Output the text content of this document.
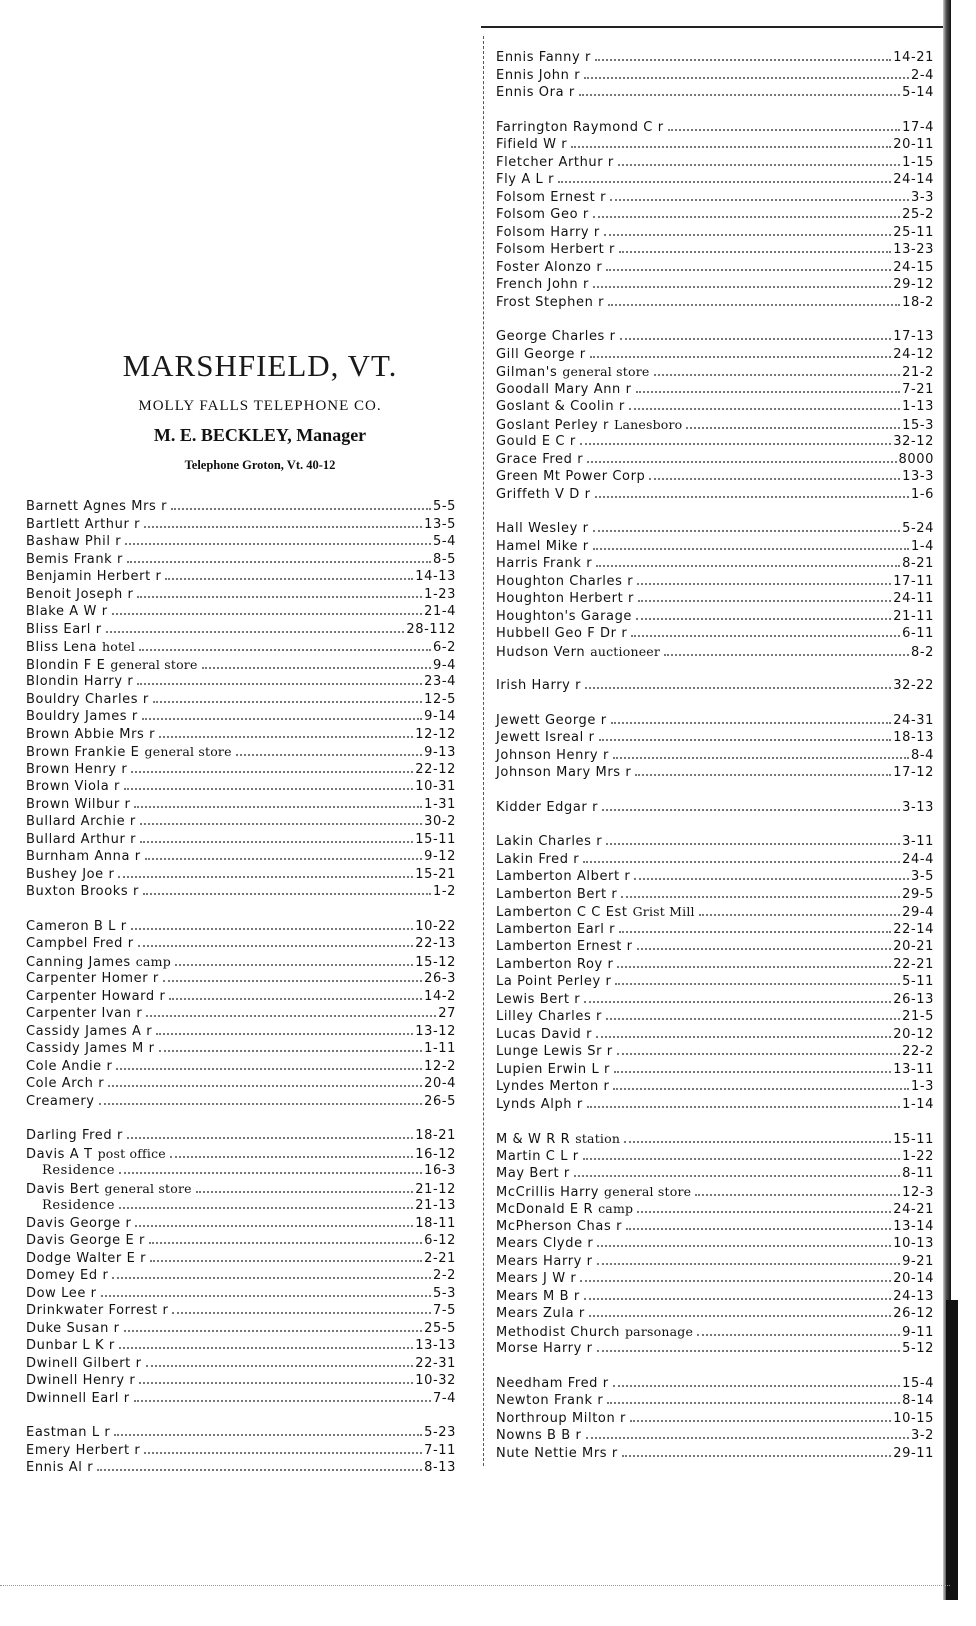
MARSHFIELD, VT.
MOLLY FALLS TELEPHONE CO.
M. E. BECKLEY, Manager
Telephone Groton, Vt. 40-12
Barnett Agnes Mrs r	5-5
Bartlett Arthur r	13-5
Bashaw Phil r	5-4
Bemis Frank r	8-5
Benjamin Herbert r	14-13
Benoit Joseph r	1-23
Blake A W r	21-4
Bliss Earl r	28-112
Bliss Lena hotel	6-2
Blondin F E general store	9-4
Blondin Harry r	23-4
Bouldry Charles r	12-5
Bouldry James r	9-14
Brown Abbie Mrs r	12-12
Brown Frankie E general store	9-13
Brown Henry r	22-12
Brown Viola r	10-31
Brown Wilbur r	1-31
Bullard Archie r	30-2
Bullard Arthur r	15-11
Burnham Anna r	9-12
Bushey Joe r	15-21
Buxton Brooks r	1-2
Cameron B L r	10-22
Campbel Fred r	22-13
Canning James camp	15-12
Carpenter Homer r	26-3
Carpenter Howard r	14-2
Carpenter Ivan r	27
Cassidy James A r	13-12
Cassidy James M r	1-11
Cole Andie r	12-2
Cole Arch r	20-4
Creamery	26-5
Darling Fred r	18-21
Davis A T post office	16-12
Residence	16-3
Davis Bert general store	21-12
Residence	21-13
Davis George r	18-11
Davis George E r	6-12
Dodge Walter E r	2-21
Domey Ed r	2-2
Dow Lee r	5-3
Drinkwater Forrest r	7-5
Duke Susan r	25-5
Dunbar L K r	13-13
Dwinell Gilbert r	22-31
Dwinell Henry r	10-32
Dwinnell Earl r	7-4
Eastman L r	5-23
Emery Herbert r	7-11
Ennis Al r	8-13
Ennis Fanny r	14-21
Ennis John r	2-4
Ennis Ora r	5-14
Farrington Raymond C r	17-4
Fifield W r	20-11
Fletcher Arthur r	1-15
Fly A L r	24-14
Folsom Ernest r	3-3
Folsom Geo r	25-2
Folsom Harry r	25-11
Folsom Herbert r	13-23
Foster Alonzo r	24-15
French John r	29-12
Frost Stephen r	18-2
George Charles r	17-13
Gill George r	24-12
Gilman's general store	21-2
Goodall Mary Ann r	7-21
Goslant & Coolin r	1-13
Goslant Perley r Lanesboro	15-3
Gould E C r	32-12
Grace Fred r	8000
Green Mt Power Corp	13-3
Griffeth V D r	1-6
Hall Wesley r	5-24
Hamel Mike r	1-4
Harris Frank r	8-21
Houghton Charles r	17-11
Houghton Herbert r	24-11
Houghton's Garage	21-11
Hubbell Geo F Dr r	6-11
Hudson Vern auctioneer	8-2
Irish Harry r	32-22
Jewett George r	24-31
Jewett Isreal r	18-13
Johnson Henry r	8-4
Johnson Mary Mrs r	17-12
Kidder Edgar r	3-13
Lakin Charles r	3-11
Lakin Fred r	24-4
Lamberton Albert r	3-5
Lamberton Bert r	29-5
Lamberton C C Est Grist Mill	29-4
Lamberton Earl r	22-14
Lamberton Ernest r	20-21
Lamberton Roy r	22-21
La Point Perley r	5-11
Lewis Bert r	26-13
Lilley Charles r	21-5
Lucas David r	20-12
Lunge Lewis Sr r	22-2
Lupien Erwin L r	13-11
Lyndes Merton r	1-3
Lynds Alph r	1-14
M & W R R station	15-11
Martin C L r	1-22
May Bert r	8-11
McCrillis Harry general store	12-3
McDonald E R camp	24-21
McPherson Chas r	13-14
Mears Clyde r	10-13
Mears Harry r	9-21
Mears J W r	20-14
Mears M B r	24-13
Mears Zula r	26-12
Methodist Church parsonage	9-11
Morse Harry r	5-12
Needham Fred r	15-4
Newton Frank r	8-14
Northroup Milton r	10-15
Nowns B B r	3-2
Nute Nettie Mrs r	29-11
